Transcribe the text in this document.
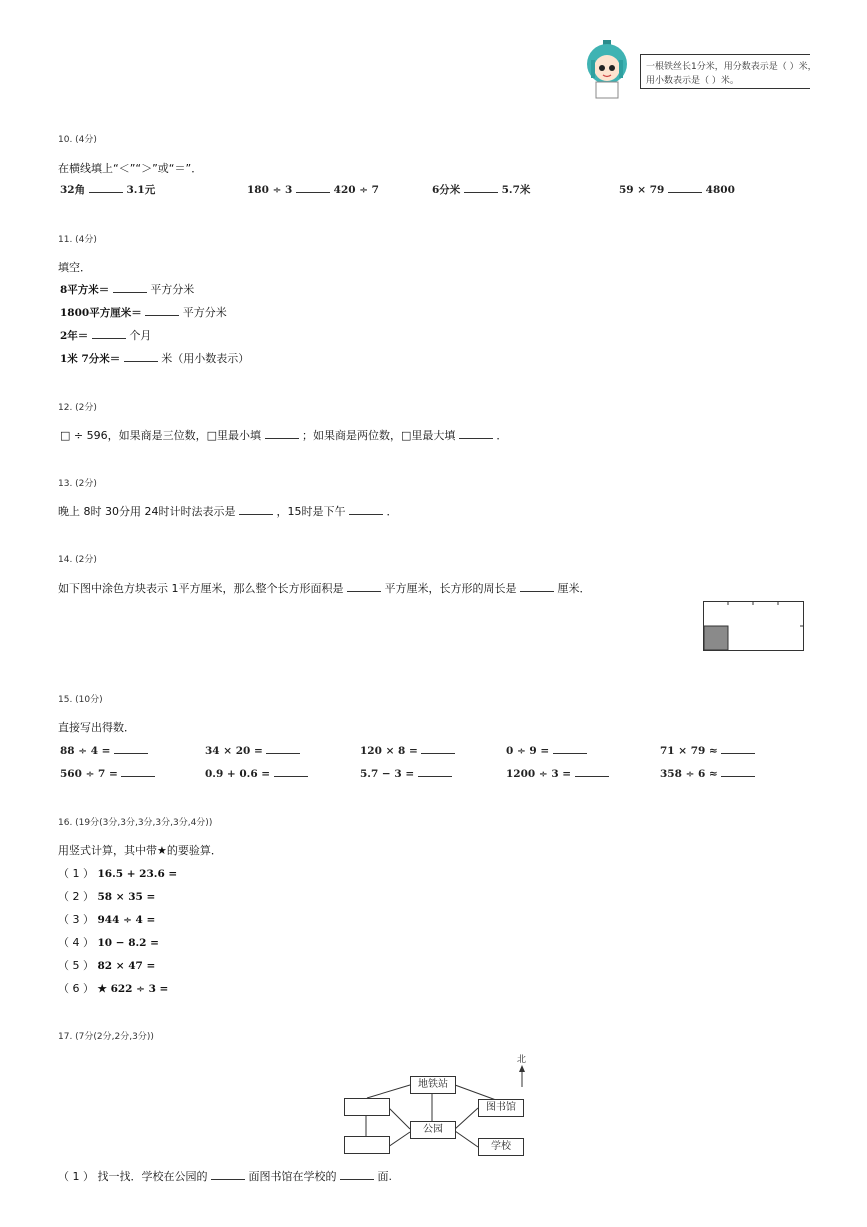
一根铁丝长1分米，用分数表示是（ ）米，
用小数表示是（ ）米。
10. (4分)
在横线填上“＜”“＞”或“＝”．
32角	3.1元	180 ÷ 3	420 ÷ 7	6分米	5.7米	59 × 79	4800
11. (4分)
填空．
8平方米＝	平方分米
1800平方厘米＝	平方分米
2年＝	个月
1米 7分米＝	米（用小数表示）
12. (2分)
□ ÷ 596，如果商是三位数，□里最小填	；如果商是两位数，□里最大填	．
13. (2分)
晚上 8时 30分用 24时计时法表示是	，15时是下午	．
14. (2分)
如下图中涂色方块表示 1平方厘米，那么整个长方形面积是	平方厘米，长方形的周长是	厘米．
15. (10分)
直接写出得数．
88 ÷ 4 =	34 × 20 =	120 × 8 =	0 ÷ 9 =	71 × 79 ≈
560 ÷ 7 =	0.9 + 0.6 =	5.7 − 3 =	1200 ÷ 3 =	358 ÷ 6 ≈
16. (19分(3分,3分,3分,3分,3分,4分))
用竖式计算，其中带★的要验算．
（ 1 ） 16.5 + 23.6 =
（ 2 ） 58 × 35 =
（ 3 ） 944 ÷ 4 =
（ 4 ） 10 − 8.2 =
（ 5 ） 82 × 47 =
（ 6 ） ★ 622 ÷ 3 =
17. (7分(2分,2分,3分))
北
地铁站
图书馆
公园
学校
（ 1 ） 找一找．学校在公园的	面图书馆在学校的	面.
